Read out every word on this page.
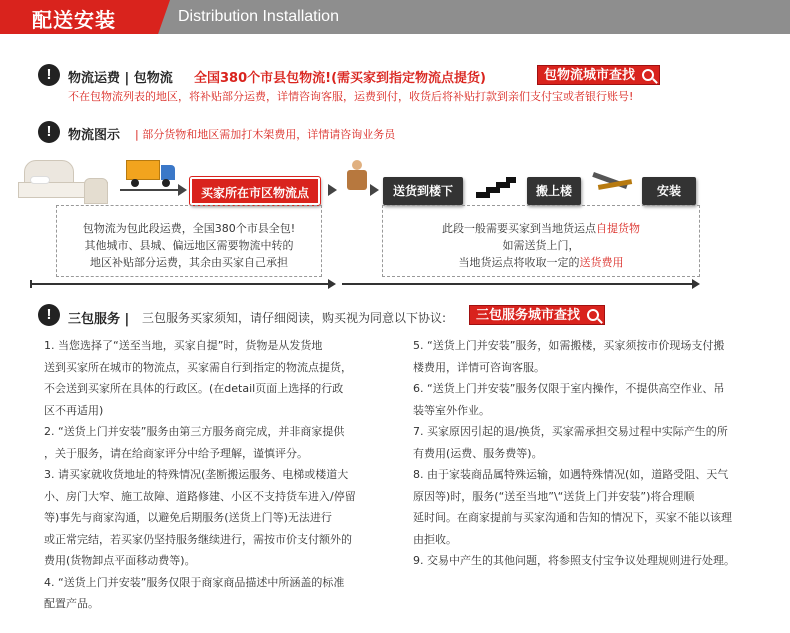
配送安装	Distribution Installation
!	物流运费 | 包物流 全国380个市县包物流!(需买家到指定物流点提货)	包物流城市查找
不在包物流列表的地区，将补贴部分运费，详情咨询客服，运费到付，收货后将补贴打款到亲们支付宝或者银行账号!
!	物流图示 | 部分货物和地区需加打木架费用，详情请咨询业务员
买家所在市区物流点	送货到楼下	搬上楼	安装
包物流为包此段运费，全国380个市县全包!
其他城市、县城、偏远地区需要物流中转的
地区补贴部分运费，其余由买家自己承担
此段一般需要买家到当地货运点自提货物
如需送货上门，
当地货运点将收取一定的送货费用
!	三包服务 | 三包服务买家须知，请仔细阅读，购买视为同意以下协议:	三包服务城市查找
1. 当您选择了“送至当地，买家自提”时，货物是从发货地
送到买家所在城市的物流点，买家需自行到指定的物流点提货，
不会送到买家所在具体的行政区。(在detail页面上选择的行政
区不再适用)
2. “送货上门并安装”服务由第三方服务商完成，并非商家提供
，关于服务，请在给商家评分中给予理解，谨慎评分。
3. 请买家就收货地址的特殊情况(垄断搬运服务、电梯或楼道大
小、房门大窄、施工故障、道路修建、小区不支持货车进入/停留
等)事先与商家沟通，以避免后期服务(送货上门等)无法进行
或正常完结，若买家仍坚持服务继续进行，需按市价支付额外的
费用(货物卸点平面移动费等)。
4. “送货上门并安装”服务仅限于商家商品描述中所涵盖的标准
配置产品。
5. “送货上门并安装”服务，如需搬楼，买家须按市价现场支付搬
楼费用，详情可咨询客服。
6. “送货上门并安装”服务仅限于室内操作，不提供高空作业、吊
装等室外作业。
7. 买家原因引起的退/换货，买家需承担交易过程中实际产生的所
有费用(运费、服务费等)。
8. 由于家装商品属特殊运输，如遇特殊情况(如，道路受阻、天气
原因等)时，服务(“送至当地”\“送货上门并安装”)将合理顺
延时间。在商家提前与买家沟通和告知的情况下，买家不能以该理
由拒收。
9. 交易中产生的其他问题，将参照支付宝争议处理规则进行处理。
